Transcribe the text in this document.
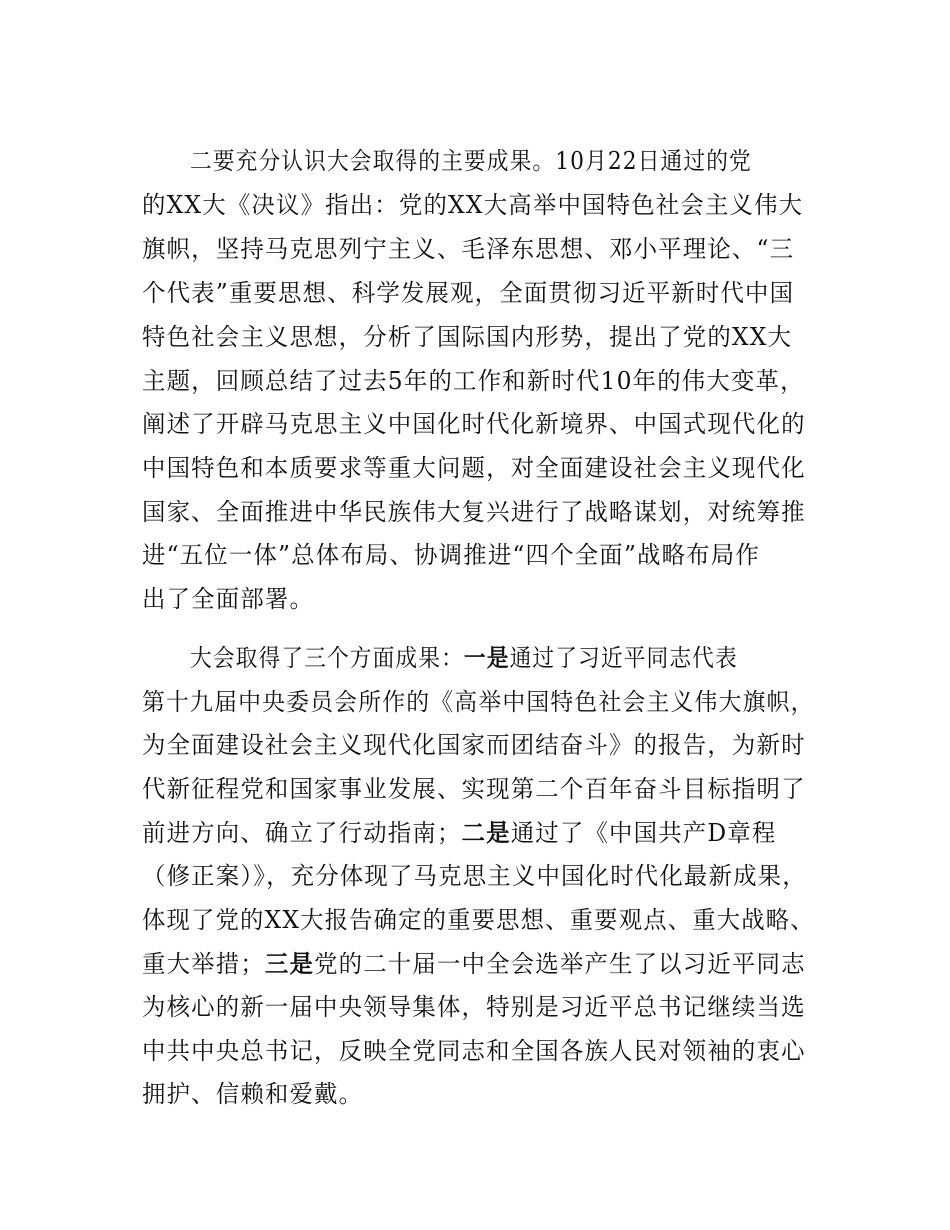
二要充分认识大会取得的主要成果。10月22日通过的党
的XX大《决议》指出：党的XX大高举中国特色社会主义伟大
旗帜，坚持马克思列宁主义、毛泽东思想、邓小平理论、“三
个代表”重要思想、科学发展观，全面贯彻习近平新时代中国
特色社会主义思想，分析了国际国内形势，提出了党的XX大
主题，回顾总结了过去5年的工作和新时代10年的伟大变革，
阐述了开辟马克思主义中国化时代化新境界、中国式现代化的
中国特色和本质要求等重大问题，对全面建设社会主义现代化
国家、全面推进中华民族伟大复兴进行了战略谋划，对统筹推
进“五位一体”总体布局、协调推进“四个全面”战略布局作
出了全面部署。
大会取得了三个方面成果：一是通过了习近平同志代表
第十九届中央委员会所作的《高举中国特色社会主义伟大旗帜，
为全面建设社会主义现代化国家而团结奋斗》的报告，为新时
代新征程党和国家事业发展、实现第二个百年奋斗目标指明了
前进方向、确立了行动指南；二是通过了《中国共产D章程
（修正案）》，充分体现了马克思主义中国化时代化最新成果，
体现了党的XX大报告确定的重要思想、重要观点、重大战略、
重大举措；三是党的二十届一中全会选举产生了以习近平同志
为核心的新一届中央领导集体，特别是习近平总书记继续当选
中共中央总书记，反映全党同志和全国各族人民对领袖的衷心
拥护、信赖和爱戴。
